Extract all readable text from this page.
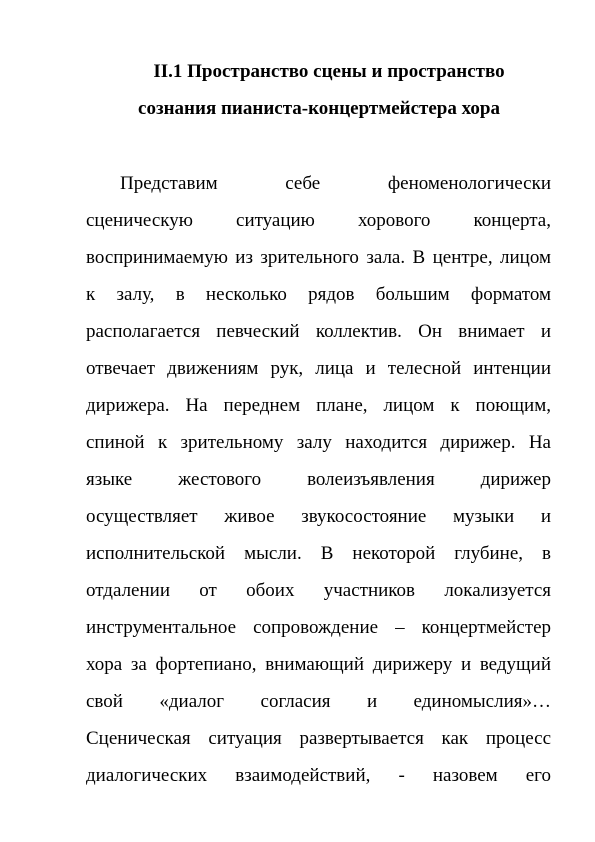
II.1 Пространство сцены и пространство
сознания пианиста-концертмейстера хора
Представим себе феноменологически
сценическую ситуацию хорового концерта,
воспринимаемую из зрительного зала. В центре, лицом
к залу, в несколько рядов большим форматом
располагается певческий коллектив. Он внимает и
отвечает движениям рук, лица и телесной интенции
дирижера. На переднем плане, лицом к поющим,
спиной к зрительному залу находится дирижер. На
языке жестового волеизъявления дирижер
осуществляет живое звукосостояние музыки и
исполнительской мысли. В некоторой глубине, в
отдалении от обоих участников локализуется
инструментальное сопровождение – концертмейстер
хора за фортепиано, внимающий дирижеру и ведущий
свой «диалог согласия и единомыслия»…
Сценическая ситуация развертывается как процесс
диалогических взаимодействий, - назовем его
